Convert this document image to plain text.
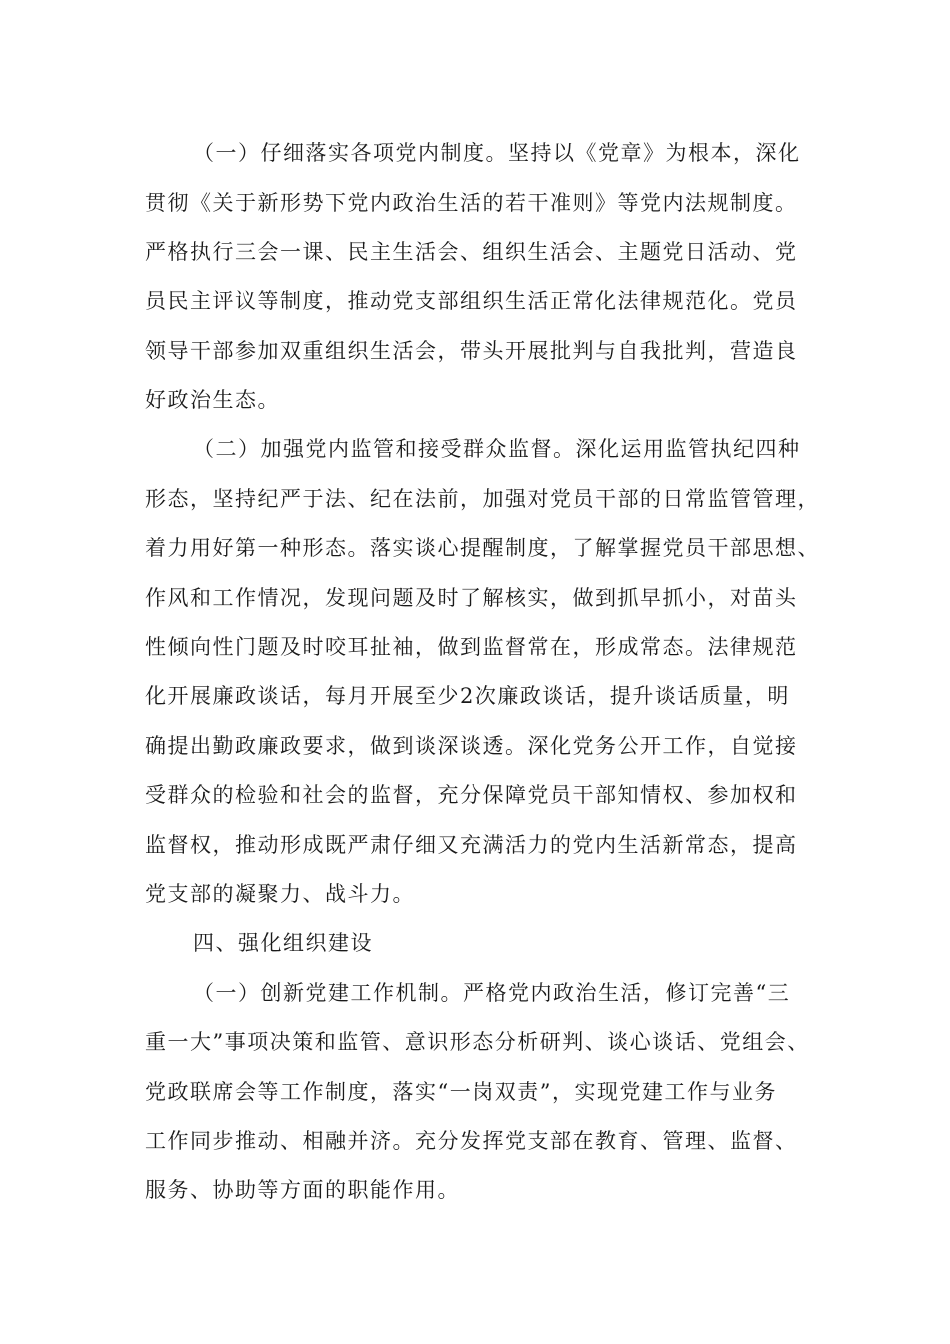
（一）仔细落实各项党内制度。坚持以《党章》为根本，深化
贯彻《关于新形势下党内政治生活的若干准则》等党内法规制度。
严格执行三会一课、民主生活会、组织生活会、主题党日活动、党
员民主评议等制度，推动党支部组织生活正常化法律规范化。党员
领导干部参加双重组织生活会，带头开展批判与自我批判，营造良
好政治生态。
（二）加强党内监管和接受群众监督。深化运用监管执纪四种
形态，坚持纪严于法、纪在法前，加强对党员干部的日常监管管理，
着力用好第一种形态。落实谈心提醒制度，了解掌握党员干部思想、
作风和工作情况，发现问题及时了解核实，做到抓早抓小，对苗头
性倾向性门题及时咬耳扯袖，做到监督常在，形成常态。法律规范
化开展廉政谈话，每月开展至少2次廉政谈话，提升谈话质量，明
确提出勤政廉政要求，做到谈深谈透。深化党务公开工作，自觉接
受群众的检验和社会的监督，充分保障党员干部知情权、参加权和
监督权，推动形成既严肃仔细又充满活力的党内生活新常态，提高
党支部的凝聚力、战斗力。
四、强化组织建设
（一）创新党建工作机制。严格党内政治生活，修订完善“三
重一大”事项决策和监管、意识形态分析研判、谈心谈话、党组会、
党政联席会等工作制度，落实“一岗双责”，实现党建工作与业务
工作同步推动、相融并济。充分发挥党支部在教育、管理、监督、
服务、协助等方面的职能作用。
